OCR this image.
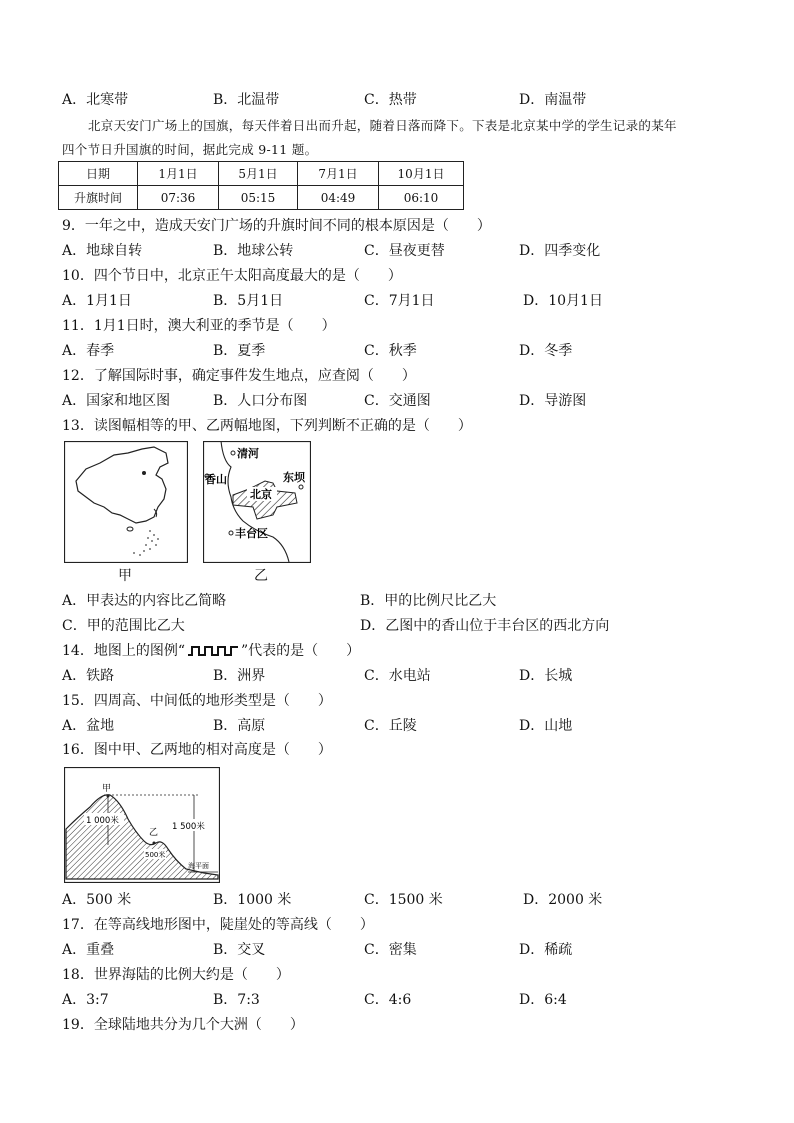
A．北寒带	B．北温带	C．热带	D．南温带
北京天安门广场上的国旗，每天伴着日出而升起，随着日落而降下。下表是北京某中学的学生记录的某年
四个节日升国旗的时间，据此完成 9-11 题。
日期	1月1日	5月1日	7月1日	10月1日
升旗时间	07:36	05:15	04:49	06:10
9．一年之中，造成天安门广场的升旗时间不同的根本原因是（　　）
A．地球自转	B．地球公转	C．昼夜更替	D．四季变化
10．四个节日中，北京正午太阳高度最大的是（　　）
A．1月1日	B．5月1日	C．7月1日	D．10月1日
11．1月1日时，澳大利亚的季节是（　　）
A．春季	B．夏季	C．秋季	D．冬季
12．了解国际时事，确定事件发生地点，应查阅（　　）
A．国家和地区图	B．人口分布图	C．交通图	D．导游图
13．读图幅相等的甲、乙两幅地图，下列判断不正确的是（　　）
甲
清河
香山	东坝
北京
丰台区
乙
A．甲表达的内容比乙简略	B．甲的比例尺比乙大
C．甲的范围比乙大	D．乙图中的香山位于丰台区的西北方向
14．地图上的图例“	”代表的是（　　）
A．铁路	B．洲界	C．水电站	D．长城
15．四周高、中间低的地形类型是（　　）
A．盆地	B．高原	C．丘陵	D．山地
16．图中甲、乙两地的相对高度是（　　）
1 000米
1 500米
甲
乙
500米
海平面
A．500 米	B．1000 米	C．1500 米	D．2000 米
17．在等高线地形图中，陡崖处的等高线（　　）
A．重叠	B．交叉	C．密集	D．稀疏
18．世界海陆的比例大约是（　　）
A．3:7	B．7:3	C．4:6	D．6:4
19．全球陆地共分为几个大洲（　　）
